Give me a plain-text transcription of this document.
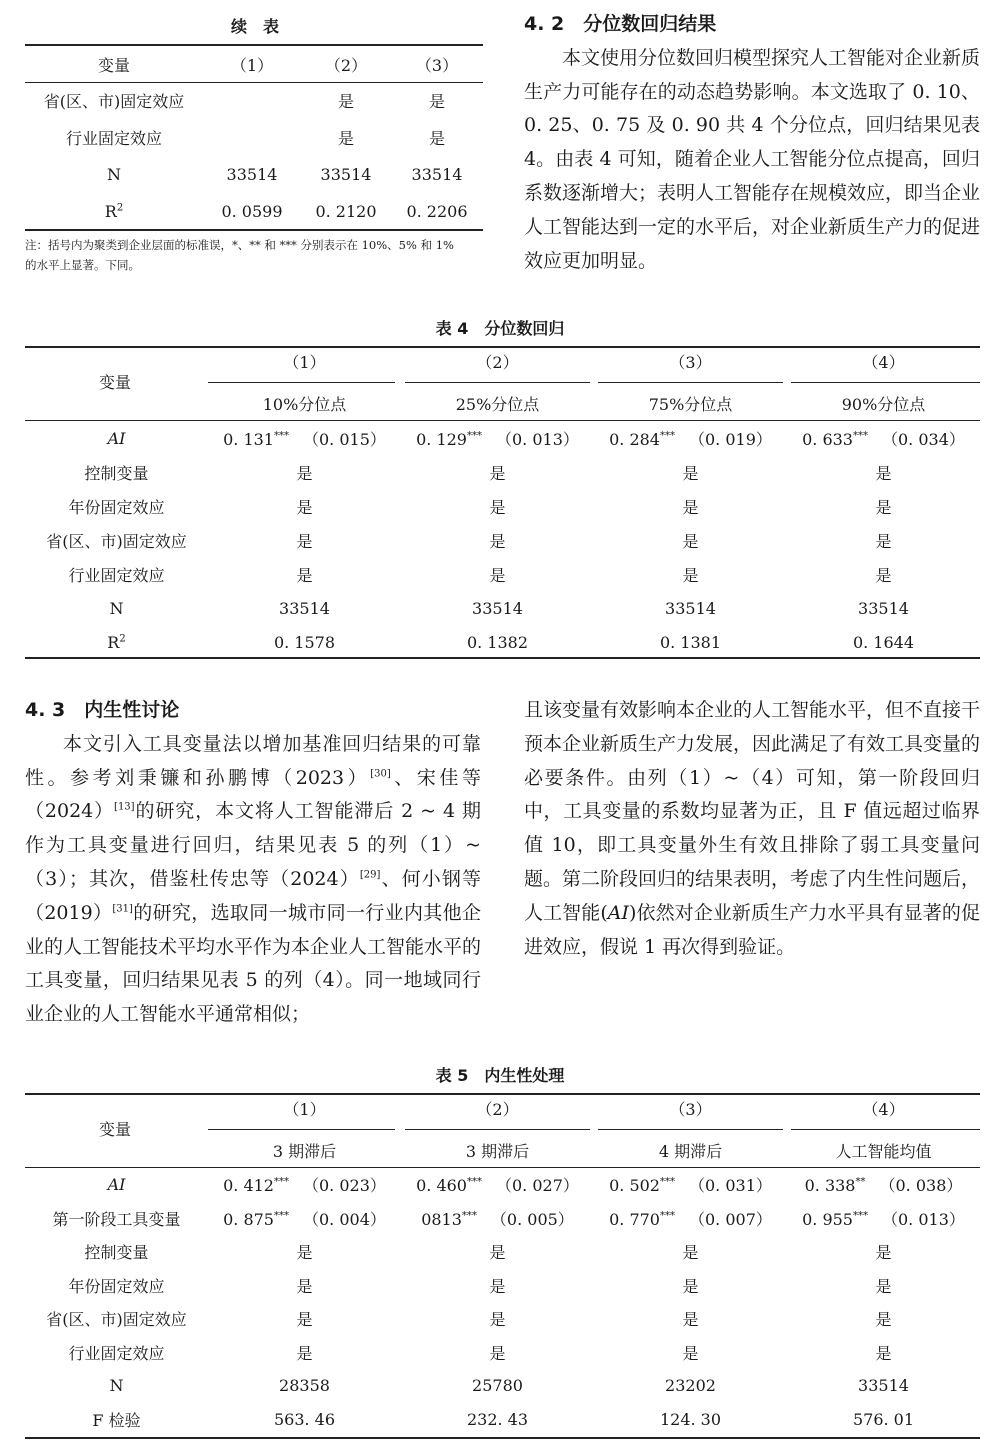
续　表
变量	（1）	（2）	（3）
省(区、市)固定效应		是	是
行业固定效应		是	是
N	33514	33514	33514
$R^2$	0. 0599	0. 2120	0. 2206
注：括号内为聚类到企业层面的标准误，*、** 和 *** 分别表示在 10%、5% 和 1%
的水平上显著。下同。
4. 2　分位数回归结果

本文使用分位数回归模型探究人工智能对企业新质生产力可能存在的动态趋势影响。本文选取了 0. 10、0. 25、0. 75 及 0. 90 共 4 个分位点，回归结果见表 4。由表 4 可知，随着企业人工智能分位点提高，回归系数逐渐增大；表明人工智能存在规模效应，即当企业人工智能达到一定的水平后，对企业新质生产力的促进效应更加明显。

表 4　分位数回归
变量
（1）	（2）	（3）	（4）
10%分位点	25%分位点	75%分位点	90%分位点
AI	0. 131*** （0. 015）	0. 129*** （0. 013）	0. 284*** （0. 019）	0. 633*** （0. 034）
控制变量	是	是	是	是
年份固定效应	是	是	是	是
省(区、市)固定效应	是	是	是	是
行业固定效应	是	是	是	是
N	33514	33514	33514	33514
$R^2$	0. 1578	0. 1382	0. 1381	0. 1644
4. 3　内生性讨论

本文引入工具变量法以增加基准回归结果的可靠性。参考刘秉镰和孙鹏博（2023）[30]、宋佳等（2024）[13]的研究，本文将人工智能滞后 2 ~ 4 期作为工具变量进行回归，结果见表 5 的列（1）~（3）；其次，借鉴杜传忠等（2024）[29]、何小钢等（2019）[31]的研究，选取同一城市同一行业内其他企业的人工智能技术平均水平作为本企业人工智能水平的工具变量，回归结果见表 5 的列（4）。同一地域同行业企业的人工智能水平通常相似；

且该变量有效影响本企业的人工智能水平，但不直接干预本企业新质生产力发展，因此满足了有效工具变量的必要条件。由列（1）~（4）可知，第一阶段回归中，工具变量的系数均显著为正，且 F 值远超过临界值 10，即工具变量外生有效且排除了弱工具变量问题。第二阶段回归的结果表明，考虑了内生性问题后，人工智能(AI)依然对企业新质生产力水平具有显著的促进效应，假说 1 再次得到验证。

表 5　内生性处理
变量
（1）	（2）	（3）	（4）
3 期滞后	3 期滞后	4 期滞后	人工智能均值
AI	0. 412*** （0. 023）	0. 460*** （0. 027）	0. 502*** （0. 031）	0. 338** （0. 038）
第一阶段工具变量	0. 875*** （0. 004）	0813*** （0. 005）	0. 770*** （0. 007）	0. 955*** （0. 013）
控制变量	是	是	是	是
年份固定效应	是	是	是	是
省(区、市)固定效应	是	是	是	是
行业固定效应	是	是	是	是
N	28358	25780	23202	33514
F 检验	563. 46	232. 43	124. 30	576. 01
